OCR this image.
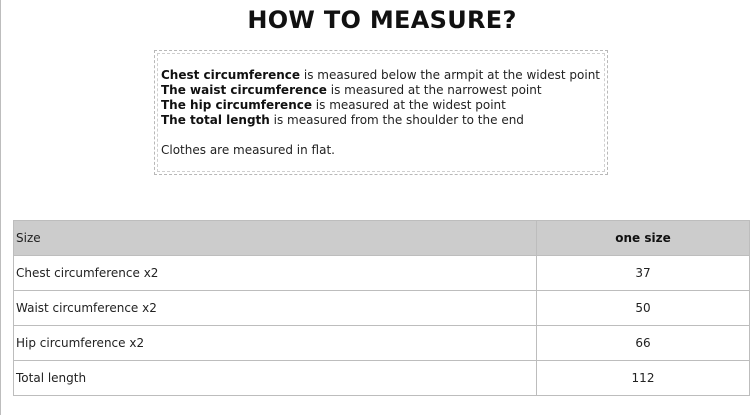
HOW TO MEASURE?
Chest circumference is measured below the armpit at the widest point
The waist circumference is measured at the narrowest point
The hip circumference is measured at the widest point
The total length is measured from the shoulder to the end
Clothes are measured in flat.
Size	one size
Chest circumference x2	37
Waist circumference x2	50
Hip circumference x2	66
Total length	112
